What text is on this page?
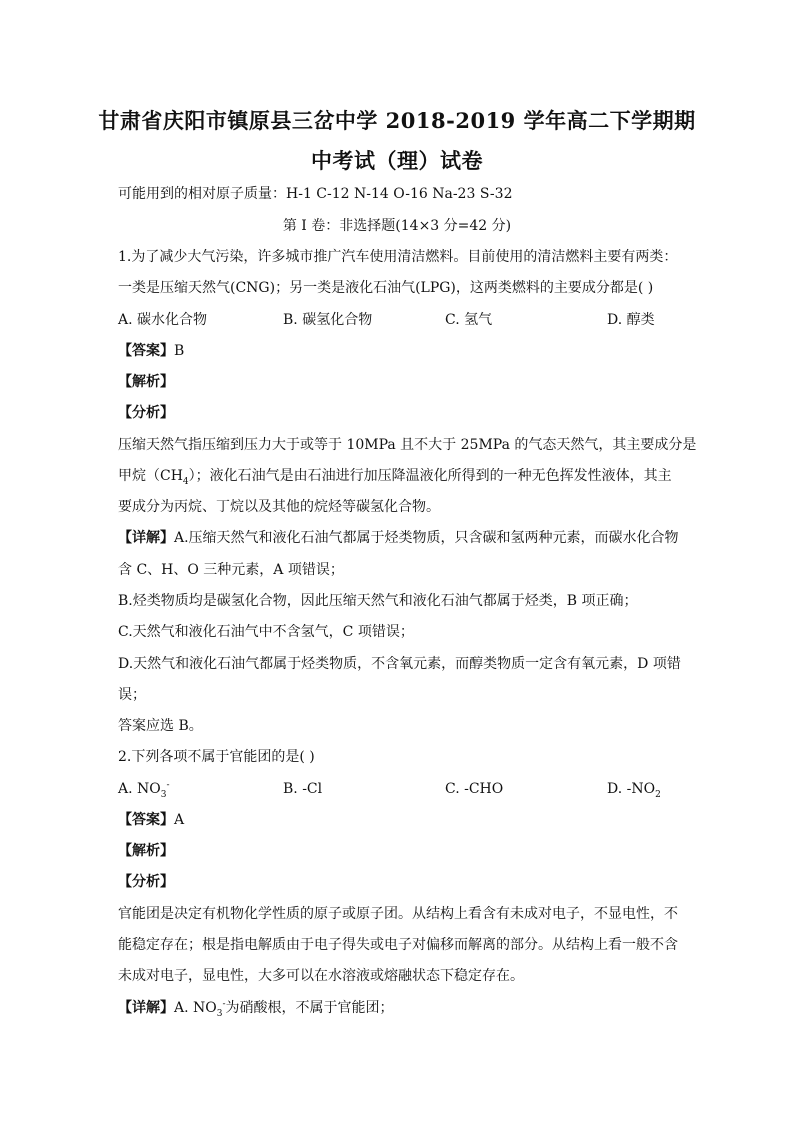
甘肃省庆阳市镇原县三岔中学 2018-2019 学年高二下学期期
中考试（理）试卷
可能用到的相对原子质量：H-1 C-12 N-14 O-16 Na-23 S-32
第 I 卷：非选择题(14×3 分=42 分)
1.为了减少大气污染，许多城市推广汽车使用清洁燃料。目前使用的清洁燃料主要有两类：
一类是压缩天然气(CNG)；另一类是液化石油气(LPG)，这两类燃料的主要成分都是( )
A. 碳水化合物	B. 碳氢化合物	C. 氢气	D. 醇类
【答案】B
【解析】
【分析】
压缩天然气指压缩到压力大于或等于 10MPa 且不大于 25MPa 的气态天然气，其主要成分是
甲烷$(CH_4)$；液化石油气是由石油进行加压降温液化所得到的一种无色挥发性液体，其主
要成分为丙烷、丁烷以及其他的烷烃等碳氢化合物。
【详解】A.压缩天然气和液化石油气都属于烃类物质，只含碳和氢两种元素，而碳水化合物
含 C、H、O 三种元素，A 项错误；
B.烃类物质均是碳氢化合物，因此压缩天然气和液化石油气都属于烃类，B 项正确；
C.天然气和液化石油气中不含氢气，C 项错误；
D.天然气和液化石油气都属于烃类物质，不含氧元素，而醇类物质一定含有氧元素，D 项错
误；
答案应选 B。
2.下列各项不属于官能团的是( )
A. $NO_3^-$	B. -Cl	C. -CHO	D. $-NO_2$
【答案】A
【解析】
【分析】
官能团是决定有机物化学性质的原子或原子团。从结构上看含有未成对电子，不显电性，不
能稳定存在；根是指电解质由于电子得失或电子对偏移而解离的部分。从结构上看一般不含
未成对电子，显电性，大多可以在水溶液或熔融状态下稳定存在。
【详解】A. $NO_3^-$为硝酸根，不属于官能团；
